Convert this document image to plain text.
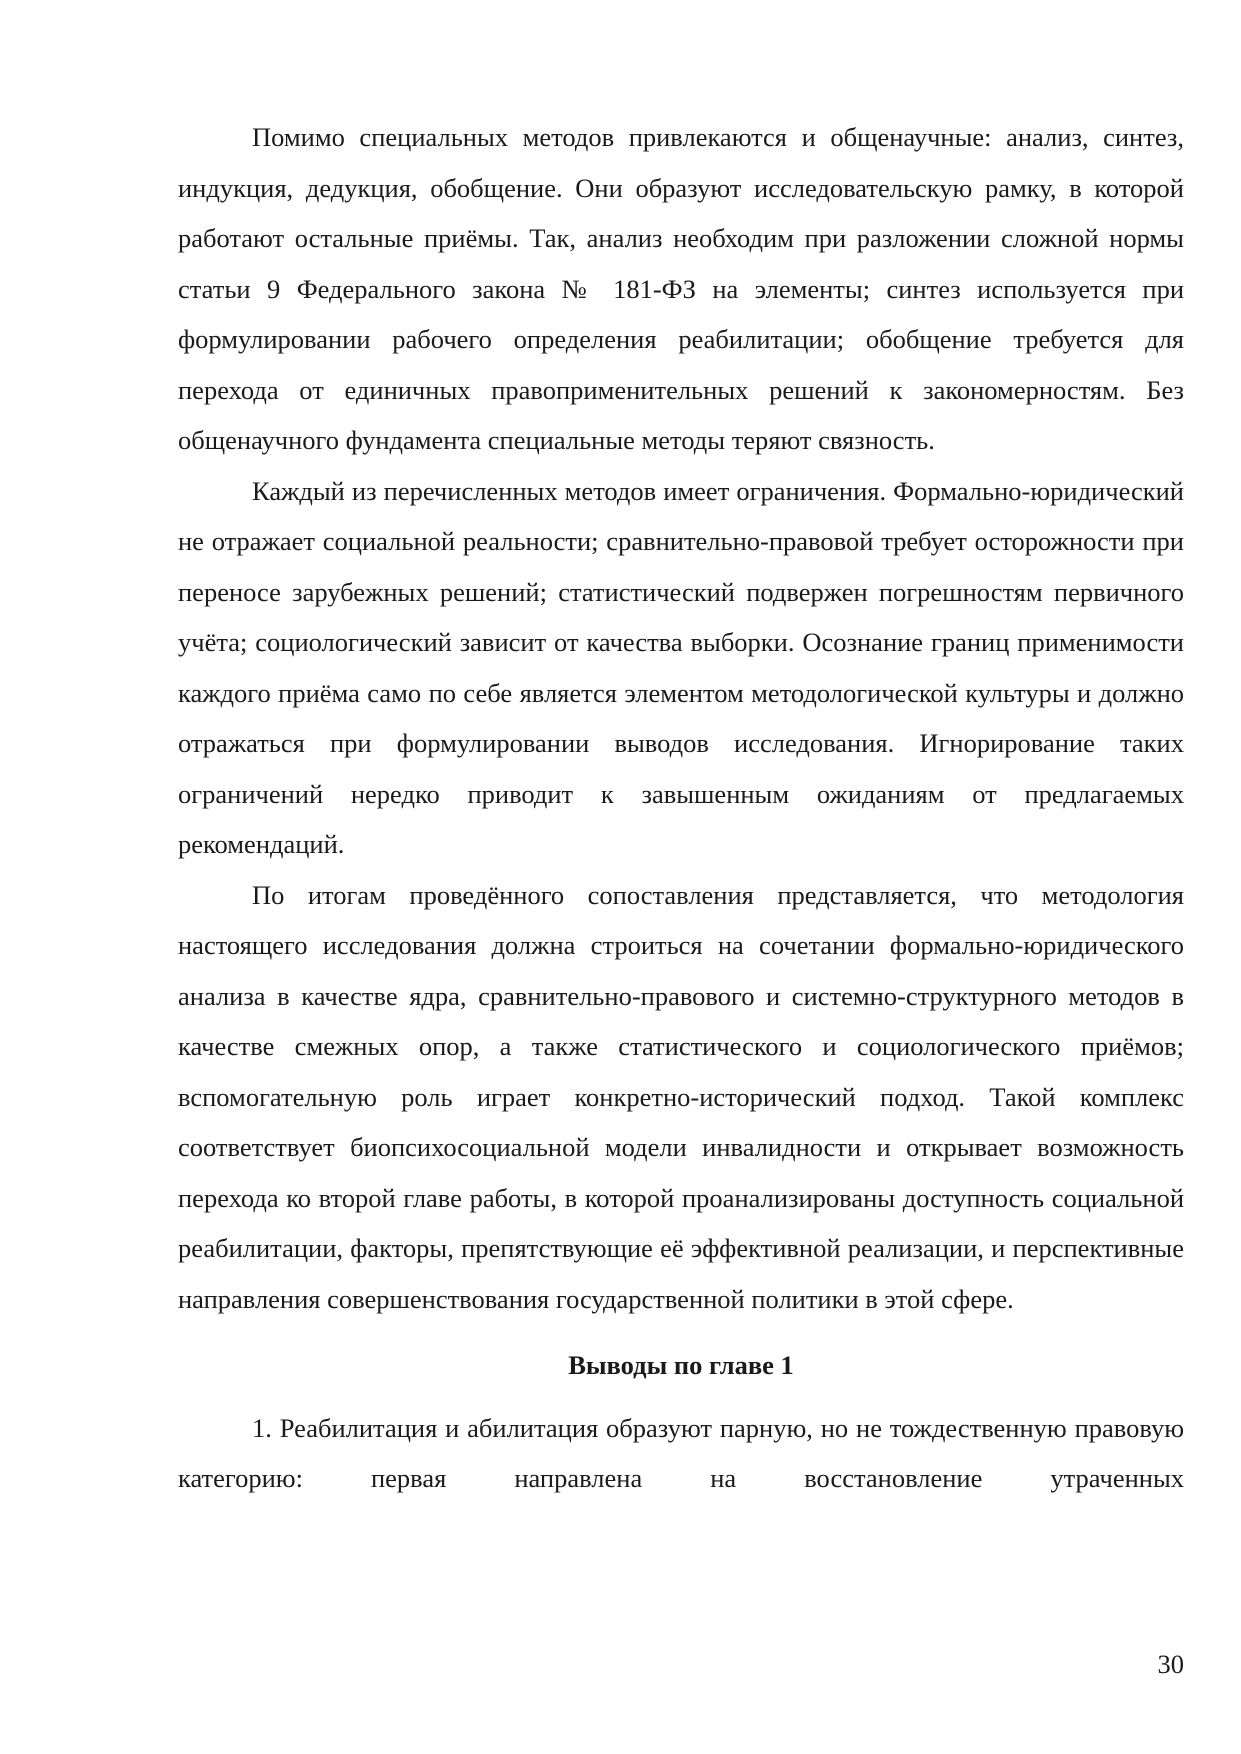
Помимо специальных методов привлекаются и общенаучные: анализ, синтез, индукция, дедукция, обобщение. Они образуют исследовательскую рамку, в которой работают остальные приёмы. Так, анализ необходим при разложении сложной нормы статьи 9 Федерального закона № 181-ФЗ на элементы; синтез используется при формулировании рабочего определения реабилитации; обобщение требуется для перехода от единичных правоприменительных решений к закономерностям. Без общенаучного фундамента специальные методы теряют связность.

Каждый из перечисленных методов имеет ограничения. Формально-юридический не отражает социальной реальности; сравнительно-правовой требует осторожности при переносе зарубежных решений; статистический подвержен погрешностям первичного учёта; социологический зависит от качества выборки. Осознание границ применимости каждого приёма само по себе является элементом методологической культуры и должно отражаться при формулировании выводов исследования. Игнорирование таких ограничений нередко приводит к завышенным ожиданиям от предлагаемых рекомендаций.

По итогам проведённого сопоставления представляется, что методология настоящего исследования должна строиться на сочетании формально-юридического анализа в качестве ядра, сравнительно-правового и системно-структурного методов в качестве смежных опор, а также статистического и социологического приёмов; вспомогательную роль играет конкретно-исторический подход. Такой комплекс соответствует биопсихосоциальной модели инвалидности и открывает возможность перехода ко второй главе работы, в которой проанализированы доступность социальной реабилитации, факторы, препятствующие её эффективной реализации, и перспективные направления совершенствования государственной политики в этой сфере.

Выводы по главе 1

1. Реабилитация и абилитация образуют парную, но не тождественную правовую категорию: первая направлена на восстановление утраченных

30
